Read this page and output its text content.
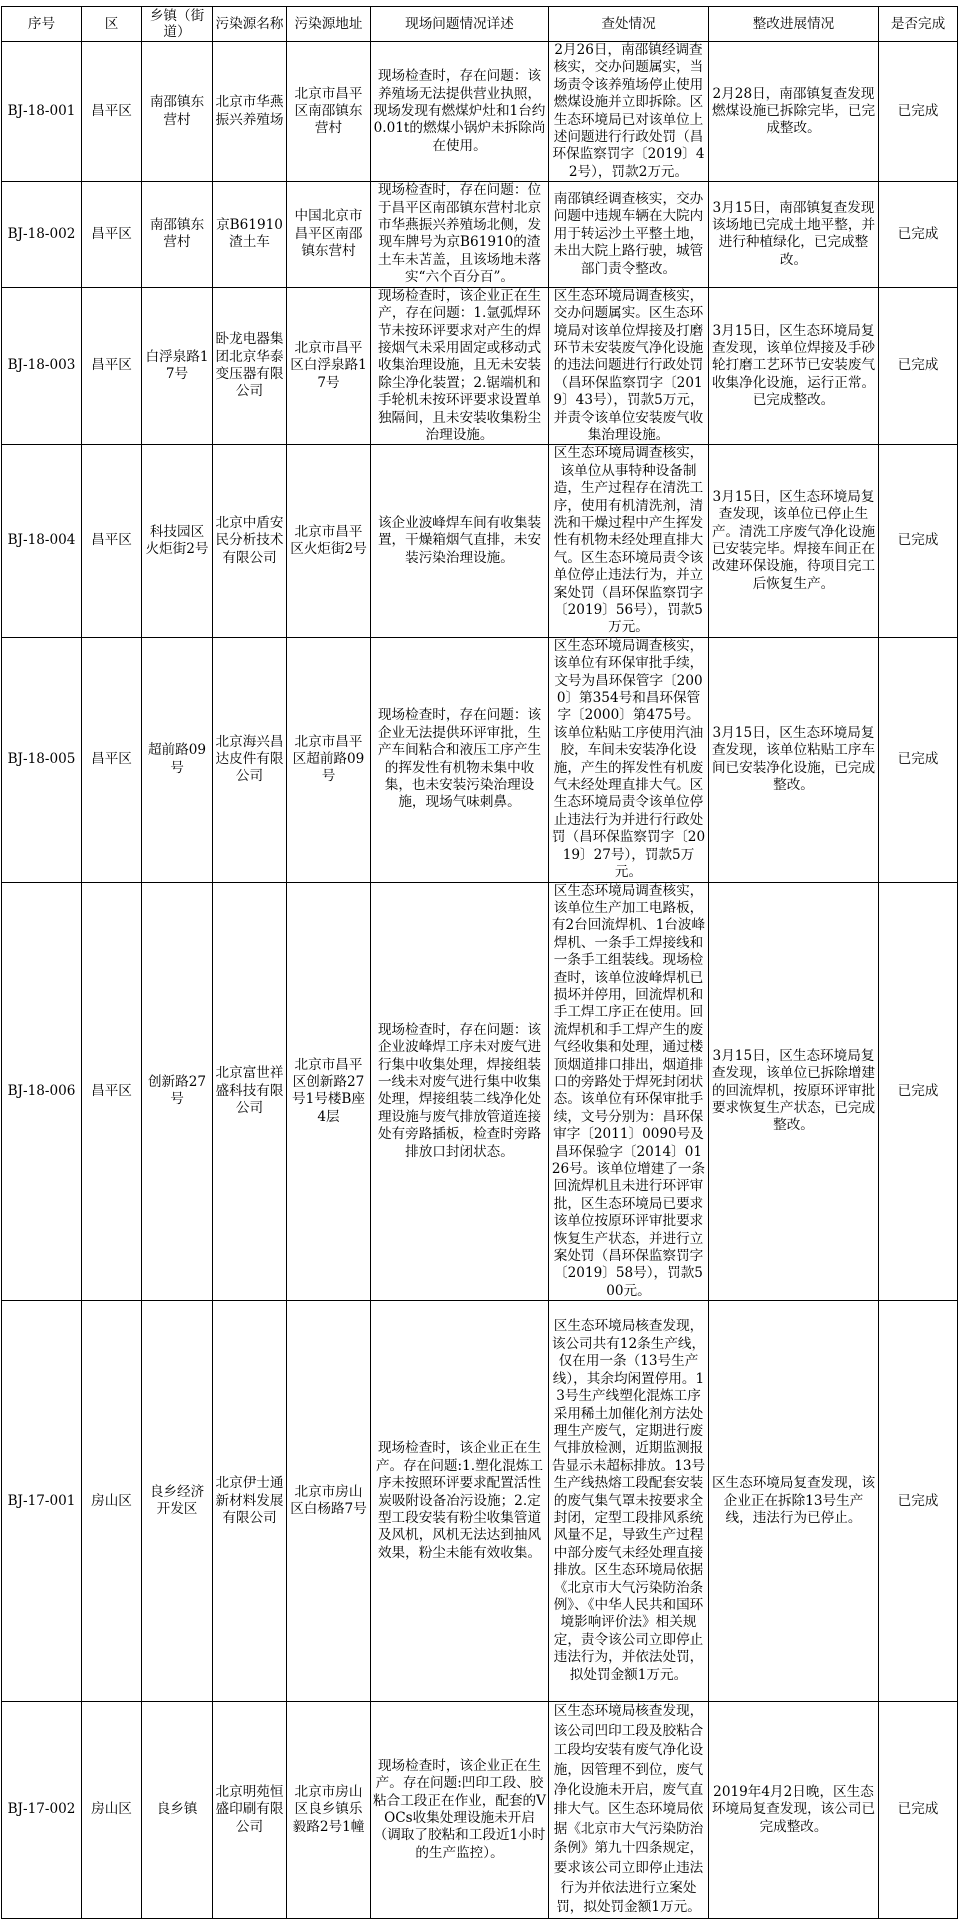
序号	区	乡镇（街道）	污染源名称	污染源地址	现场问题情况详述	查处情况	整改进展情况	是否完成
BJ-18-001	昌平区	南邵镇东营村	北京市华燕振兴养殖场	北京市昌平区南邵镇东营村	现场检查时，存在问题：该养殖场无法提供营业执照，现场发现有燃煤炉灶和1台约0.01t的燃煤小锅炉未拆除尚在使用。	2月26日，南邵镇经调查核实，交办问题属实，当场责令该养殖场停止使用燃煤设施并立即拆除。区生态环境局已对该单位上述问题进行行政处罚（昌环保监察罚字〔2019〕42号），罚款2万元。	2月28日，南邵镇复查发现燃煤设施已拆除完毕，已完成整改。	已完成
BJ-18-002	昌平区	南邵镇东营村	京B61910渣土车	中国北京市昌平区南邵镇东营村	现场检查时，存在问题：位于昌平区南邵镇东营村北京市华燕振兴养殖场北侧，发现车牌号为京B61910的渣土车未苫盖，且该场地未落实“六个百分百”。	南邵镇经调查核实，交办问题中违规车辆在大院内用于转运沙土平整土地，未出大院上路行驶，城管部门责令整改。	3月15日，南邵镇复查发现该场地已完成土地平整，并进行种植绿化，已完成整改。	已完成
BJ-18-003	昌平区	白浮泉路17号	卧龙电器集团北京华泰变压器有限公司	北京市昌平区白浮泉路17号	现场检查时，该企业正在生产，存在问题：1.氩弧焊环节未按环评要求对产生的焊接烟气未采用固定或移动式收集治理设施，且无未安装除尘净化装置；2.锯端机和手轮机未按环评要求设置单独隔间，且未安装收集粉尘治理设施。	区生态环境局调查核实，交办问题属实。区生态环境局对该单位焊接及打磨环节未安装废气净化设施的违法问题进行行政处罚（昌环保监察罚字〔2019〕43号），罚款5万元，并责令该单位安装废气收集治理设施。	3月15日，区生态环境局复查发现，该单位焊接及手砂轮打磨工艺环节已安装废气收集净化设施，运行正常。已完成整改。	已完成
BJ-18-004	昌平区	科技园区火炬街2号	北京中盾安民分析技术有限公司	北京市昌平区火炬街2号	该企业波峰焊车间有收集装置，干燥箱烟气直排，未安装污染治理设施。	区生态环境局调查核实，该单位从事特种设备制造，生产过程存在清洗工序，使用有机清洗剂，清洗和干燥过程中产生挥发性有机物未经处理直排大气。区生态环境局责令该单位停止违法行为，并立案处罚（昌环保监察罚字〔2019〕56号），罚款5万元。	3月15日，区生态环境局复查发现，该单位已停止生产。清洗工序废气净化设施已安装完毕。焊接车间正在改建环保设施，待项目完工后恢复生产。	已完成
BJ-18-005	昌平区	超前路09号	北京海兴昌达皮件有限公司	北京市昌平区超前路09号	现场检查时，存在问题：该企业无法提供环评审批，生产车间粘合和液压工序产生的挥发性有机物未集中收集，也未安装污染治理设施，现场气味刺鼻。	区生态环境局调查核实，该单位有环保审批手续，文号为昌环保管字〔2000〕第354号和昌环保管字〔2000〕第475号。该单位粘贴工序使用汽油胶，车间未安装净化设施，产生的挥发性有机废气未经处理直排大气。区生态环境局责令该单位停止违法行为并进行行政处罚（昌环保监察罚字〔2019〕27号），罚款5万元。	3月15日，区生态环境局复查发现，该单位粘贴工序车间已安装净化设施，已完成整改。	已完成
BJ-18-006	昌平区	创新路27号	北京富世祥盛科技有限公司	北京市昌平区创新路27号1号楼B座4层	现场检查时，存在问题：该企业波峰焊工序未对废气进行集中收集处理，焊接组装一线未对废气进行集中收集处理，焊接组装二线净化处理设施与废气排放管道连接处有旁路插板，检查时旁路排放口封闭状态。	区生态环境局调查核实，该单位生产加工电路板，有2台回流焊机、1台波峰焊机、一条手工焊接线和一条手工组装线。现场检查时，该单位波峰焊机已损坏并停用，回流焊机和手工焊工序正在使用。回流焊机和手工焊产生的废气经收集和处理，通过楼顶烟道排口排出，烟道排口的旁路处于焊死封闭状态。该单位有环保审批手续，文号分别为：昌环保审字〔2011〕0090号及昌环保验字〔2014〕0126号。该单位增建了一条回流焊机且未进行环评审批，区生态环境局已要求该单位按原环评审批要求恢复生产状态，并进行立案处罚（昌环保监察罚字〔2019〕58号），罚款500元。	3月15日，区生态环境局复查发现，该单位已拆除增建的回流焊机，按原环评审批要求恢复生产状态，已完成整改。	已完成
BJ-17-001	房山区	良乡经济开发区	北京伊士通新材料发展有限公司	北京市房山区白杨路7号	现场检查时，该企业正在生产。存在问题:1.塑化混炼工序未按照环评要求配置活性炭吸附设备冶污设施；2.定型工段安装有粉尘收集管道及风机，风机无法达到抽风效果，粉尘未能有效收集。	区生态环境局核查发现，该公司共有12条生产线，仅在用一条（13号生产线），其余均闲置停用。13号生产线塑化混炼工序采用稀土加催化剂方法处理生产废气，定期进行废气排放检测，近期监测报告显示未超标排放。13号生产线热熔工段配套安装的废气集气罩未按要求全封闭，定型工段排风系统风量不足，导致生产过程中部分废气未经处理直接排放。区生态环境局依据《北京市大气污染防治条例》、《中华人民共和国环境影响评价法》相关规定，责令该公司立即停止违法行为，并依法处罚，拟处罚金额1万元。	区生态环境局复查发现，该企业正在拆除13号生产线，违法行为已停止。	已完成
BJ-17-002	房山区	良乡镇	北京明苑恒盛印刷有限公司	北京市房山区良乡镇乐毅路2号1幢	现场检查时，该企业正在生产。存在问题:凹印工段、胶粘合工段正在作业，配套的VOCs收集处理设施未开启（调取了胶粘和工段近1小时的生产监控）。	区生态环境局核查发现，该公司凹印工段及胶粘合工段均安装有废气净化设施，因管理不到位，废气净化设施未开启，废气直排大气。区生态环境局依据《北京市大气污染防治条例》第九十四条规定，要求该公司立即停止违法行为并依法进行立案处罚，拟处罚金额1万元。	2019年4月2日晚，区生态环境局复查发现，该公司已完成整改。	已完成
